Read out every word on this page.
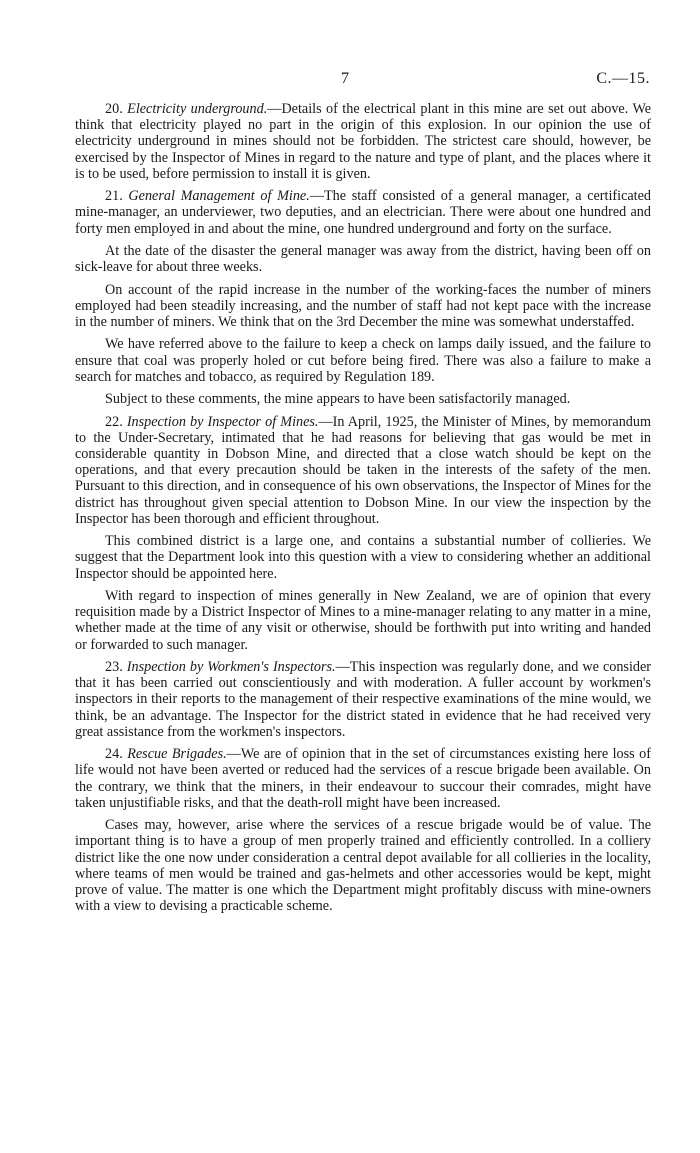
7	C.—15.

20. Electricity underground.—Details of the electrical plant in this mine are set out above. We think that electricity played no part in the origin of this explosion. In our opinion the use of electricity underground in mines should not be forbidden. The strictest care should, however, be exercised by the Inspector of Mines in regard to the nature and type of plant, and the places where it is to be used, before permission to install it is given.

21. General Management of Mine.—The staff consisted of a general manager, a certificated mine-manager, an underviewer, two deputies, and an electrician. There were about one hundred and forty men employed in and about the mine, one hundred underground and forty on the surface.

At the date of the disaster the general manager was away from the district, having been off on sick-leave for about three weeks.

On account of the rapid increase in the number of the working-faces the number of miners employed had been steadily increasing, and the number of staff had not kept pace with the increase in the number of miners. We think that on the 3rd December the mine was somewhat understaffed.

We have referred above to the failure to keep a check on lamps daily issued, and the failure to ensure that coal was properly holed or cut before being fired. There was also a failure to make a search for matches and tobacco, as required by Regulation 189.

Subject to these comments, the mine appears to have been satisfactorily managed.

22. Inspection by Inspector of Mines.—In April, 1925, the Minister of Mines, by memorandum to the Under-Secretary, intimated that he had reasons for believing that gas would be met in considerable quantity in Dobson Mine, and directed that a close watch should be kept on the operations, and that every precaution should be taken in the interests of the safety of the men. Pursuant to this direction, and in consequence of his own observations, the Inspector of Mines for the district has throughout given special attention to Dobson Mine. In our view the inspection by the Inspector has been thorough and efficient throughout.

This combined district is a large one, and contains a substantial number of collieries. We suggest that the Department look into this question with a view to considering whether an additional Inspector should be appointed here.

With regard to inspection of mines generally in New Zealand, we are of opinion that every requisition made by a District Inspector of Mines to a mine-manager relating to any matter in a mine, whether made at the time of any visit or otherwise, should be forthwith put into writing and handed or forwarded to such manager.

23. Inspection by Workmen's Inspectors.—This inspection was regularly done, and we consider that it has been carried out conscientiously and with moderation. A fuller account by workmen's inspectors in their reports to the management of their respective examinations of the mine would, we think, be an advantage. The Inspector for the district stated in evidence that he had received very great assistance from the workmen's inspectors.

24. Rescue Brigades.—We are of opinion that in the set of circumstances existing here loss of life would not have been averted or reduced had the services of a rescue brigade been available. On the contrary, we think that the miners, in their endeavour to succour their comrades, might have taken unjustifiable risks, and that the death-roll might have been increased.

Cases may, however, arise where the services of a rescue brigade would be of value. The important thing is to have a group of men properly trained and efficiently controlled. In a colliery district like the one now under consideration a central depot available for all collieries in the locality, where teams of men would be trained and gas-helmets and other accessories would be kept, might prove of value. The matter is one which the Department might profitably discuss with mine-owners with a view to devising a practicable scheme.
